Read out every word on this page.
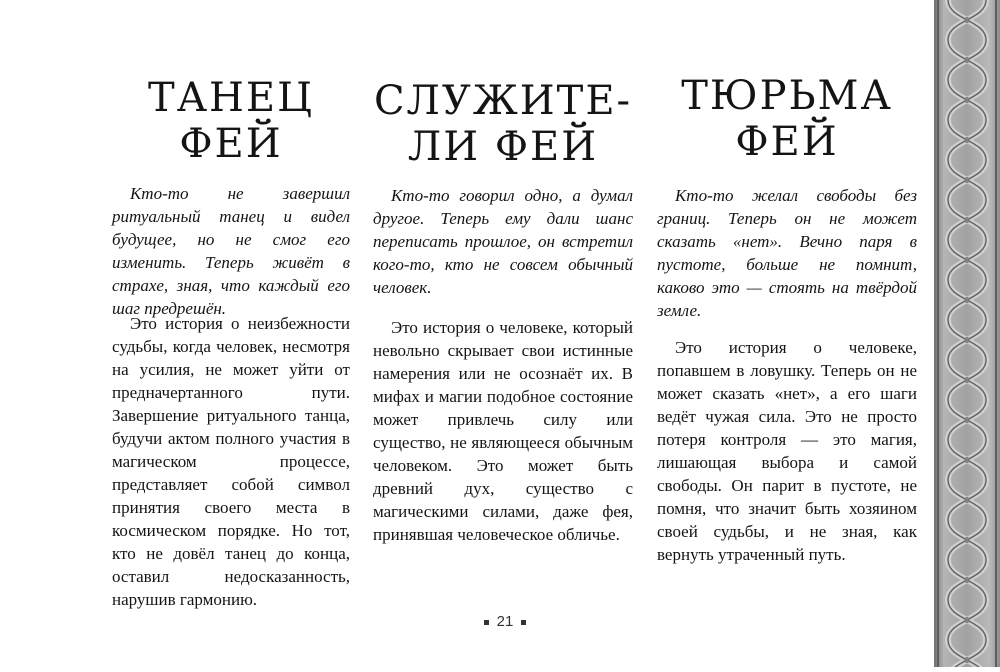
ТАНЕЦ
ФЕЙ

Кто-то не завершил ритуальный танец и видел будущее, но не смог его изменить. Теперь живёт в страхе, зная, что каждый его шаг предрешён.

Это история о неизбежности судьбы, когда человек, несмотря на усилия, не может уйти от предначертанного пути. Завершение ритуального танца, будучи актом полного участия в магическом процессе, представляет собой символ принятия своего места в космическом порядке. Но тот, кто не довёл танец до конца, оставил недосказанность, нарушив гармонию.

СЛУЖИТЕ-
ЛИ ФЕЙ

Кто-то говорил одно, а думал другое. Теперь ему дали шанс переписать прошлое, он встретил кого-то, кто не совсем обычный человек.

Это история о человеке, который невольно скрывает свои истинные намерения или не осознаёт их. В мифах и магии подобное состояние может привлечь силу или существо, не являющееся обычным человеком. Это может быть древний дух, существо с магическими силами, даже фея, принявшая человеческое обличье.

ТЮРЬМА
ФЕЙ

Кто-то желал свободы без границ. Теперь он не может сказать «нет». Вечно паря в пустоте, больше не помнит, каково это — стоять на твёрдой земле.

Это история о человеке, попавшем в ловушку. Теперь он не может сказать «нет», а его шаги ведёт чужая сила. Это не просто потеря контроля — это магия, лишающая выбора и самой свободы. Он парит в пустоте, не помня, что значит быть хозяином своей судьбы, и не зная, как вернуть утраченный путь.

21
